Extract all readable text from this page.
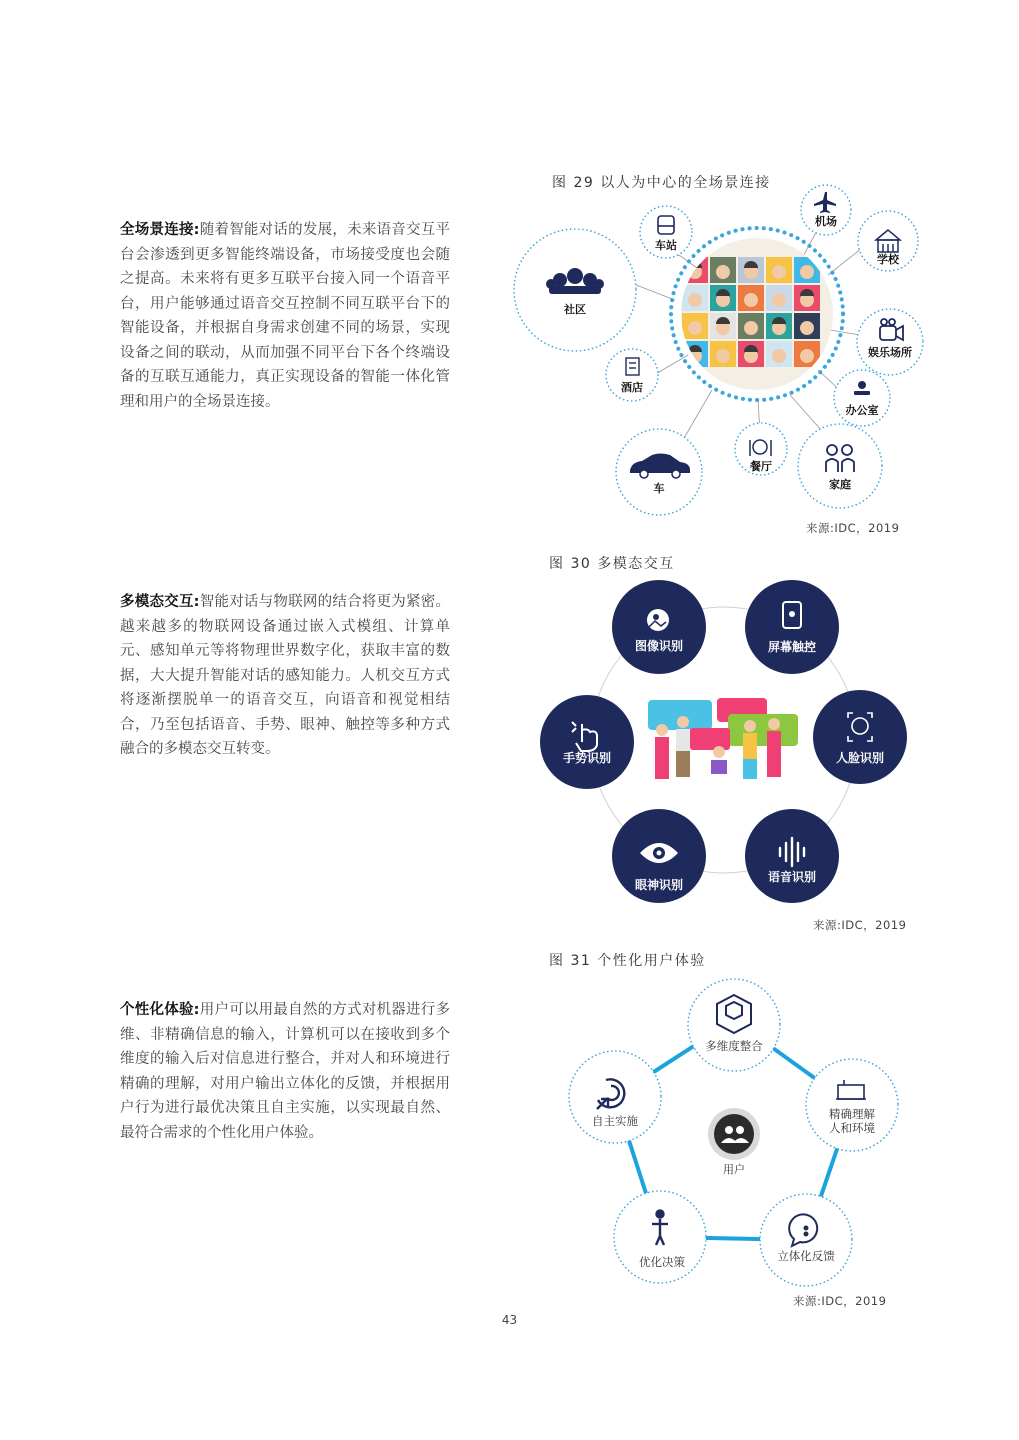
全场景连接:随着智能对话的发展，未来语音交互平台会渗透到更多智能终端设备，市场接受度也会随之提高。未来将有更多互联平台接入同一个语音平台，用户能够通过语音交互控制不同互联平台下的智能设备，并根据自身需求创建不同的场景，实现设备之间的联动，从而加强不同平台下各个终端设备的互联互通能力，真正实现设备的智能一体化管理和用户的全场景连接。

多模态交互:智能对话与物联网的结合将更为紧密。越来越多的物联网设备通过嵌入式模组、计算单元、感知单元等将物理世界数字化，获取丰富的数据，大大提升智能对话的感知能力。人机交互方式将逐渐摆脱单一的语音交互，向语音和视觉相结合，乃至包括语音、手势、眼神、触控等多种方式融合的多模态交互转变。

个性化体验:用户可以用最自然的方式对机器进行多维、非精确信息的输入，计算机可以在接收到多个维度的输入后对信息进行整合，并对人和环境进行精确的理解，对用户输出立体化的反馈，并根据用户行为进行最优决策且自主实施，以实现最自然、最符合需求的个性化用户体验。

图 29 以人为中心的全场景连接
社区
车站
机场
学校
娱乐场所
办公室
家庭
餐厅
车
酒店
来源:IDC，2019
图 30 多模态交互
图像识别	屏幕触控
人脸识别
语音识别
眼神识别
手势识别
来源:IDC，2019
图 31 个性化用户体验
多维度整合
精确理解
人和环境
立体化反馈
优化决策
自主实施
用户
来源:IDC，2019
43
